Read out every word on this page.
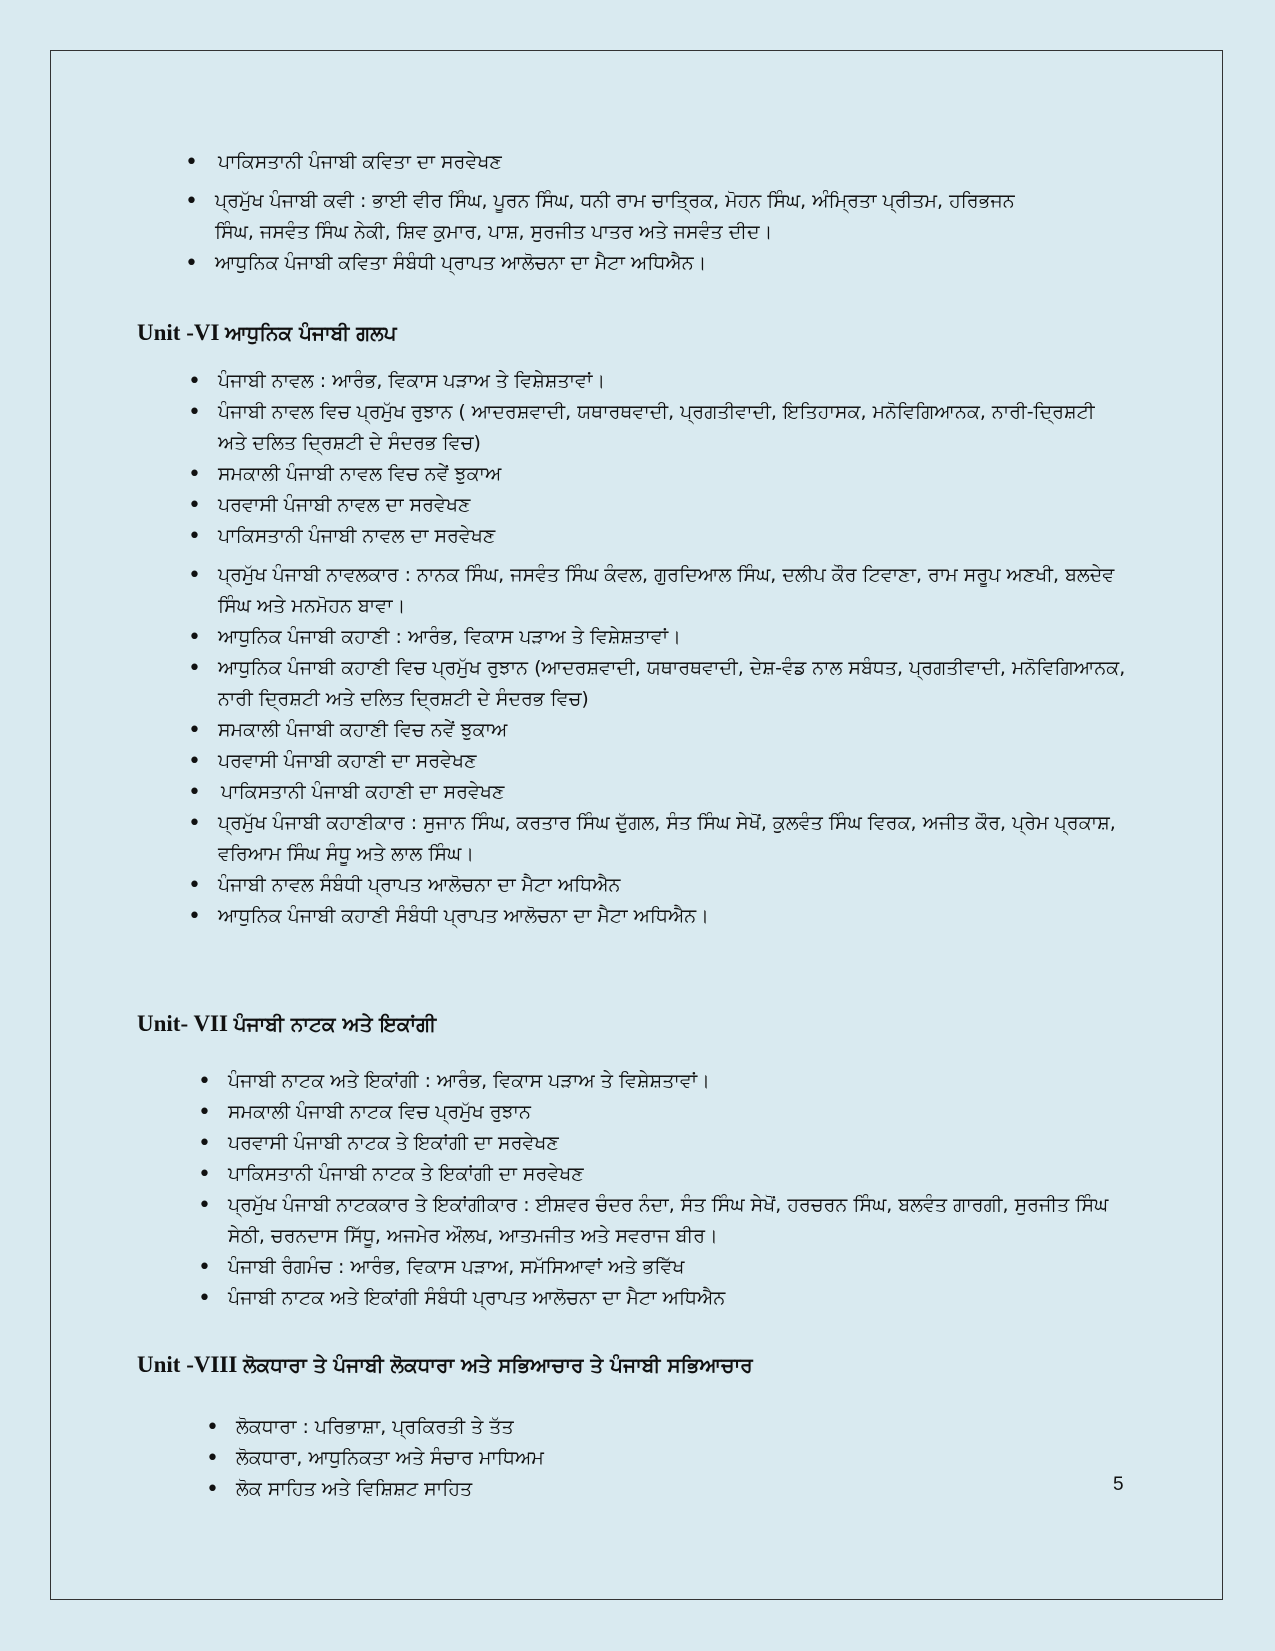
• ਪਾਕਿਸਤਾਨੀ ਪੰਜਾਬੀ ਕਵਿਤਾ ਦਾ ਸਰਵੇਖਣ
• ਪ੍ਰਮੁੱਖ ਪੰਜਾਬੀ ਕਵੀ : ਭਾਈ ਵੀਰ ਸਿੰਘ, ਪੂਰਨ ਸਿੰਘ, ਧਨੀ ਰਾਮ ਚਾਤ੍ਰਿਕ, ਮੋਹਨ ਸਿੰਘ, ਅੰਮ੍ਰਿਤਾ ਪ੍ਰੀਤਮ, ਹਰਿਭਜਨ ਸਿੰਘ, ਜਸਵੰਤ ਸਿੰਘ ਨੇਕੀ, ਸ਼ਿਵ ਕੁਮਾਰ, ਪਾਸ਼, ਸੁਰਜੀਤ ਪਾਤਰ ਅਤੇ ਜਸਵੰਤ ਦੀਦ।
• ਆਧੁਨਿਕ ਪੰਜਾਬੀ ਕਵਿਤਾ ਸੰਬੰਧੀ ਪ੍ਰਾਪਤ ਆਲੋਚਨਾ ਦਾ ਮੈਟਾ ਅਧਿਐਨ।
Unit -VI ਆਧੁਨਿਕ ਪੰਜਾਬੀ ਗਲਪ
• ਪੰਜਾਬੀ ਨਾਵਲ : ਆਰੰਭ, ਵਿਕਾਸ ਪੜਾਅ ਤੇ ਵਿਸ਼ੇਸ਼ਤਾਵਾਂ।
• ਪੰਜਾਬੀ ਨਾਵਲ ਵਿਚ ਪ੍ਰਮੁੱਖ ਰੁਝਾਨ ( ਆਦਰਸ਼ਵਾਦੀ, ਯਥਾਰਥਵਾਦੀ, ਪ੍ਰਗਤੀਵਾਦੀ, ਇਤਿਹਾਸਕ, ਮਨੋਵਿਗਿਆਨਕ, ਨਾਰੀ-ਦ੍ਰਿਸ਼ਟੀ ਅਤੇ ਦਲਿਤ ਦ੍ਰਿਸ਼ਟੀ ਦੇ ਸੰਦਰਭ ਵਿਚ)
• ਸਮਕਾਲੀ ਪੰਜਾਬੀ ਨਾਵਲ ਵਿਚ ਨਵੇਂ ਝੁਕਾਅ
• ਪਰਵਾਸੀ ਪੰਜਾਬੀ ਨਾਵਲ ਦਾ ਸਰਵੇਖਣ
• ਪਾਕਿਸਤਾਨੀ ਪੰਜਾਬੀ ਨਾਵਲ ਦਾ ਸਰਵੇਖਣ
• ਪ੍ਰਮੁੱਖ ਪੰਜਾਬੀ ਨਾਵਲਕਾਰ : ਨਾਨਕ ਸਿੰਘ, ਜਸਵੰਤ ਸਿੰਘ ਕੰਵਲ, ਗੁਰਦਿਆਲ ਸਿੰਘ, ਦਲੀਪ ਕੌਰ ਟਿਵਾਣਾ, ਰਾਮ ਸਰੂਪ ਅਣਖੀ, ਬਲਦੇਵ ਸਿੰਘ ਅਤੇ ਮਨਮੋਹਨ ਬਾਵਾ।
• ਆਧੁਨਿਕ ਪੰਜਾਬੀ ਕਹਾਣੀ : ਆਰੰਭ, ਵਿਕਾਸ ਪੜਾਅ ਤੇ ਵਿਸ਼ੇਸ਼ਤਾਵਾਂ।
• ਆਧੁਨਿਕ ਪੰਜਾਬੀ ਕਹਾਣੀ ਵਿਚ ਪ੍ਰਮੁੱਖ ਰੁਝਾਨ (ਆਦਰਸ਼ਵਾਦੀ, ਯਥਾਰਥਵਾਦੀ, ਦੇਸ਼-ਵੰਡ ਨਾਲ ਸਬੰਧਤ, ਪ੍ਰਗਤੀਵਾਦੀ, ਮਨੋਵਿਗਿਆਨਕ, ਨਾਰੀ ਦ੍ਰਿਸ਼ਟੀ ਅਤੇ ਦਲਿਤ ਦ੍ਰਿਸ਼ਟੀ ਦੇ ਸੰਦਰਭ ਵਿਚ)
• ਸਮਕਾਲੀ ਪੰਜਾਬੀ ਕਹਾਣੀ ਵਿਚ ਨਵੇਂ ਝੁਕਾਅ
• ਪਰਵਾਸੀ ਪੰਜਾਬੀ ਕਹਾਣੀ ਦਾ ਸਰਵੇਖਣ
• ਪਾਕਿਸਤਾਨੀ ਪੰਜਾਬੀ ਕਹਾਣੀ ਦਾ ਸਰਵੇਖਣ
• ਪ੍ਰਮੁੱਖ ਪੰਜਾਬੀ ਕਹਾਣੀਕਾਰ : ਸੁਜਾਨ ਸਿੰਘ, ਕਰਤਾਰ ਸਿੰਘ ਦੁੱਗਲ, ਸੰਤ ਸਿੰਘ ਸੇਖੋਂ, ਕੁਲਵੰਤ ਸਿੰਘ ਵਿਰਕ, ਅਜੀਤ ਕੌਰ, ਪ੍ਰੇਮ ਪ੍ਰਕਾਸ਼, ਵਰਿਆਮ ਸਿੰਘ ਸੰਧੂ ਅਤੇ ਲਾਲ ਸਿੰਘ।
• ਪੰਜਾਬੀ ਨਾਵਲ ਸੰਬੰਧੀ ਪ੍ਰਾਪਤ ਆਲੋਚਨਾ ਦਾ ਮੈਟਾ ਅਧਿਐਨ
• ਆਧੁਨਿਕ ਪੰਜਾਬੀ ਕਹਾਣੀ ਸੰਬੰਧੀ ਪ੍ਰਾਪਤ ਆਲੋਚਨਾ ਦਾ ਮੈਟਾ ਅਧਿਐਨ।
Unit- VII ਪੰਜਾਬੀ ਨਾਟਕ ਅਤੇ ਇਕਾਂਗੀ
• ਪੰਜਾਬੀ ਨਾਟਕ ਅਤੇ ਇਕਾਂਗੀ : ਆਰੰਭ, ਵਿਕਾਸ ਪੜਾਅ ਤੇ ਵਿਸ਼ੇਸ਼ਤਾਵਾਂ।
• ਸਮਕਾਲੀ ਪੰਜਾਬੀ ਨਾਟਕ ਵਿਚ ਪ੍ਰਮੁੱਖ ਰੁਝਾਨ
• ਪਰਵਾਸੀ ਪੰਜਾਬੀ ਨਾਟਕ ਤੇ ਇਕਾਂਗੀ ਦਾ ਸਰਵੇਖਣ
• ਪਾਕਿਸਤਾਨੀ ਪੰਜਾਬੀ ਨਾਟਕ ਤੇ ਇਕਾਂਗੀ ਦਾ ਸਰਵੇਖਣ
• ਪ੍ਰਮੁੱਖ ਪੰਜਾਬੀ ਨਾਟਕਕਾਰ ਤੇ ਇਕਾਂਗੀਕਾਰ : ਈਸ਼ਵਰ ਚੰਦਰ ਨੰਦਾ, ਸੰਤ ਸਿੰਘ ਸੇਖੋਂ, ਹਰਚਰਨ ਸਿੰਘ, ਬਲਵੰਤ ਗਾਰਗੀ, ਸੁਰਜੀਤ ਸਿੰਘ ਸੇਠੀ, ਚਰਨਦਾਸ ਸਿੱਧੂ, ਅਜਮੇਰ ਔਲਖ, ਆਤਮਜੀਤ ਅਤੇ ਸਵਰਾਜ ਬੀਰ।
• ਪੰਜਾਬੀ ਰੰਗਮੰਚ : ਆਰੰਭ, ਵਿਕਾਸ ਪੜਾਅ, ਸਮੱਸਿਆਵਾਂ ਅਤੇ ਭਵਿੱਖ
• ਪੰਜਾਬੀ ਨਾਟਕ ਅਤੇ ਇਕਾਂਗੀ ਸੰਬੰਧੀ ਪ੍ਰਾਪਤ ਆਲੋਚਨਾ ਦਾ ਮੈਟਾ ਅਧਿਐਨ
Unit -VIII ਲੋਕਧਾਰਾ ਤੇ ਪੰਜਾਬੀ ਲੋਕਧਾਰਾ ਅਤੇ ਸਭਿਆਚਾਰ ਤੇ ਪੰਜਾਬੀ ਸਭਿਆਚਾਰ
• ਲੋਕਧਾਰਾ : ਪਰਿਭਾਸ਼ਾ, ਪ੍ਰਕਿਰਤੀ ਤੇ ਤੱਤ
• ਲੋਕਧਾਰਾ, ਆਧੁਨਿਕਤਾ ਅਤੇ ਸੰਚਾਰ ਮਾਧਿਅਮ
• ਲੋਕ ਸਾਹਿਤ ਅਤੇ ਵਿਸ਼ਿਸ਼ਟ ਸਾਹਿਤ	5
